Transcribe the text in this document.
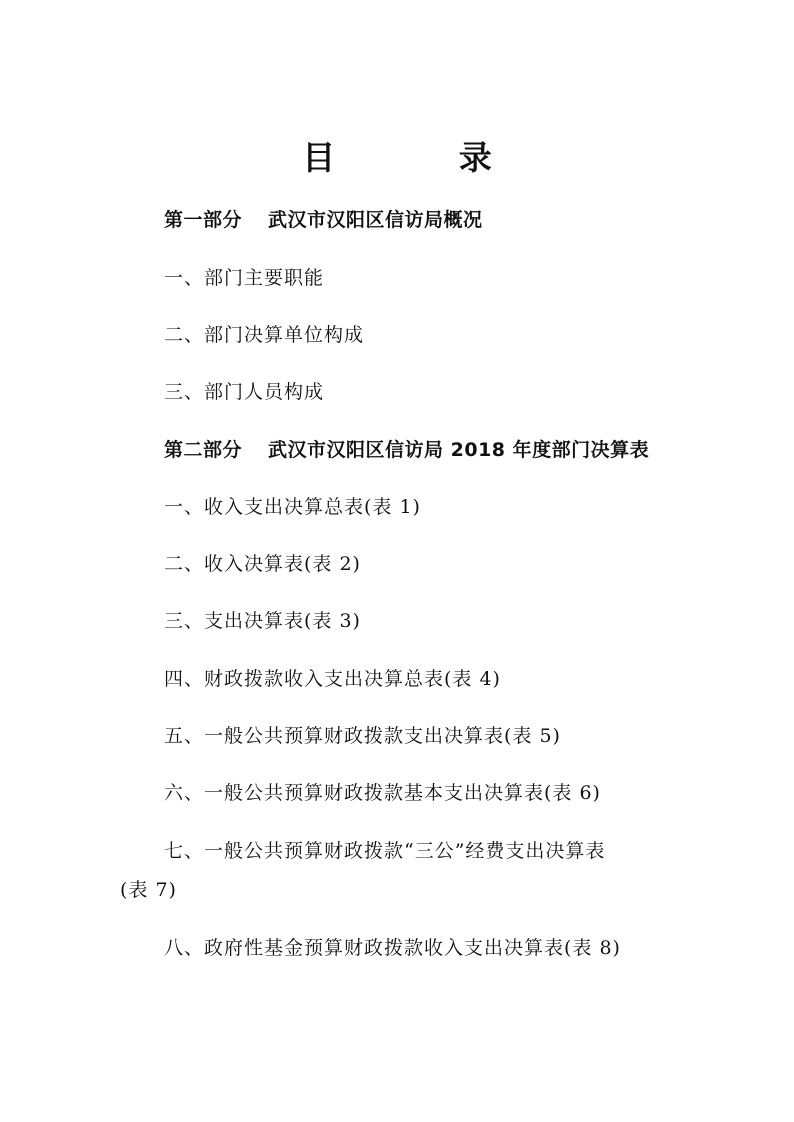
目 录
第一部分 武汉市汉阳区信访局概况
一、部门主要职能
二、部门决算单位构成
三、部门人员构成
第二部分 武汉市汉阳区信访局 2018 年度部门决算表
一、收入支出决算总表(表 1)
二、收入决算表(表 2)
三、支出决算表(表 3)
四、财政拨款收入支出决算总表(表 4)
五、一般公共预算财政拨款支出决算表(表 5)
六、一般公共预算财政拨款基本支出决算表(表 6)
七、一般公共预算财政拨款“三公”经费支出决算表
(表 7)
八、政府性基金预算财政拨款收入支出决算表(表 8)
